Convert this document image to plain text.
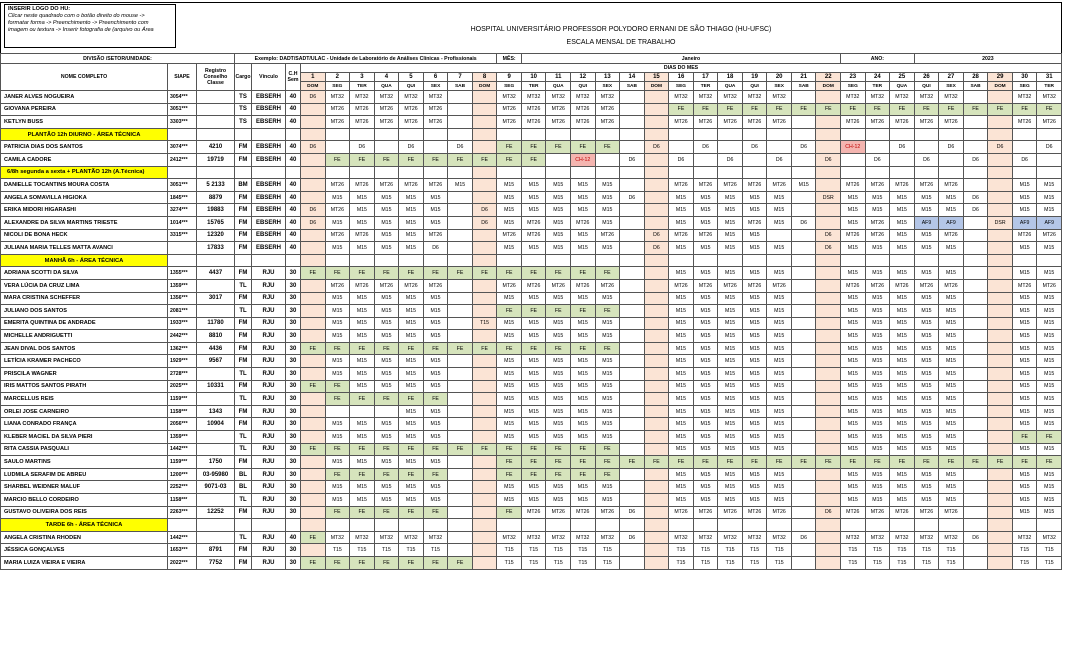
INSERIR LOGO DO HU:
Clicar neste quadrado com o botão direito do mouse ->
formatar forma -> Preenchimento -> Preenchimento com
imagem ou textura -> Inserir fotografia de (arquivo ou Área	HOSPITAL UNIVERSITÁRIO PROFESSOR POLYDORO ERNANI DE SÃO THIAGO (HU-UFSC)
ESCALA MENSAL DE TRABALHO
DIVISÃO /SETOR/UNIDADE:			Exemplo: DADT/SADT/ULAC - Unidade de Laboratório de Análises Clínicas - Profissionais											MÊS:	Janeiro													ANO:			2023					
NOME COMPLETO	SIAPE	Registro Conselho Classe	Cargo	Vínculo	C.H Sem	DIAS DO MES																														
						1	2	3	4	5	6	7	8	9	10	11	12	13	14	15	16	17	18	19	20	21	22	23	24	25	26	27	28	29	30	31
						DOM	SEG	TER	QUA	QUI	SEX	SAB	DOM	SEG	TER	QUA	QUI	SEX	SAB	DOM	SEG	TER	QUA	QUI	SEX	SAB	DOM	SEG	TER	QUA	QUI	SEX	SAB	DOM	SEG	TER
JANER ALVES NOGUEIRA	3054***		TS	EBSERH	40	D6	MT32	MT32	MT32	MT32	MT32			MT32	MT32	MT32	MT32	MT32			MT32	MT32	MT32	MT32	MT32			MT32	MT32	MT32	MT32	MT32			MT32	MT32
GIOVANA PEREIRA	3051***		TS	EBSERH	40		MT26	MT26	MT26	MT26	MT26			MT26	MT26	MT26	MT26	MT26			FE	FE	FE	FE	FE	FE	FE	FE	FE	FE	FE	FE	FE	FE	FE	FE
KETLYN BUSS	3303***		TS	EBSERH	40		MT26	MT26	MT26	MT26	MT26			MT26	MT26	MT26	MT26	MT26			MT26	MT26	MT26	MT26	MT26			MT26	MT26	MT26	MT26	MT26			MT26	MT26
PLANTÃO 12h DIURNO - ÁREA TÉCNICA																																				
PATRICIA DIAS DOS SANTOS	3074***	4210	FM	EBSERH	40	D6		D6		D6		D6		FE	FE	FE	FE	FE		D6		D6		D6		D6		CH-12		D6		D6		D6		D6
CAMILA CADORE	2412***	19719	FM	EBSERH	40		FE	FE	FE	FE	FE	FE	FE	FE	FE		CH-12		D6		D6		D6		D6		D6		D6		D6		D6		D6	
6/8h segunda a sexta + PLANTÃO 12h (A.Técnica)																																				
DANIELLE TOCANTINS MOURA COSTA	3051***	5 2133	BM	EBSERH	40		MT26	MT26	MT26	MT26	MT26	M15		M15	M15	M15	M15	M15			MT26	MT26	MT26	MT26	MT26	M15		MT26	MT26	MT26	MT26	MT26			M15	M15
ANGELA SOMAVILLA HIGIOKA	1845***	8879	FM	EBSERH	40		M15	M15	M15	M15	M15			M15	M15	M15	M15	M15	D6		M15	M15	M15	M15	M15		DSR	M15	M15	M15	M15	M15	D6		M15	M15
ERIKA MIDORI HIGARASHI	3274***	19883	FM	EBSERH	40	D6	MT26	M15	M15	M15	M15		D6	M15	M15	M15	M15	M15			M15	M15	M15	M15	M15			M15	M15	M15	M15	M15	D6		M15	M15
ALEXANDRE DA SILVA MARTINS TRIESTE	1014***	15765	FM	EBSERH	40	D6	M15	M15	M15	M15	M15		D6	M15	MT26	M15	MT26	M15			M15	M15	M15	MT26	M15	D6		M15	MT26	M15	AF9	AF9		DSR	AF9	AF9
NICOLI DE BONA HECK	3315***	12320	FM	EBSERH	40		MT26	MT26	M15	M15	MT26			MT26	MT26	M15	M15	MT26		D6	MT26	MT26	M15	M15			D6	MT26	MT26	M15	M15	MT26			MT26	MT26
JULIANA MARIA TELLES MATTA AVANCI		17833	FM	EBSERH	40		M15	M15	M15	M15	D6			M15	M15	M15	M15	M15		D6	M15	M15	M15	M15	M15		D6	M15	M15	M15	M15	M15			M15	M15
MANHÃ 6h - ÁREA TÉCNICA																																				
ADRIANA SCOTTI DA SILVA	1355***	4437	FM	RJU	30	FE	FE	FE	FE	FE	FE	FE	FE	FE	FE	FE	FE	FE			M15	M15	M15	M15	M15			M15	M15	M15	M15	M15			M15	M15
VERA LÚCIA DA CRUZ LIMA	1359***		TL	RJU	30		MT26	MT26	MT26	MT26	MT26			MT26	MT26	MT26	MT26	MT26			MT26	MT26	MT26	MT26	MT26			MT26	MT26	MT26	MT26	MT26			MT26	MT26
MARA CRISTINA SCHEFFER	1356***	3017	FM	RJU	30		M15	M15	M15	M15	M15			M15	M15	M15	M15	M15			M15	M15	M15	M15	M15			M15	M15	M15	M15	M15			M15	M15
JULIANO DOS SANTOS	2081***		TL	RJU	30		M15	M15	M15	M15	M15			FE	FE	FE	FE	FE			M15	M15	M15	M15	M15			M15	M15	M15	M15	M15			M15	M15
EMERITA QUINTINA DE ANDRADE	1933***	11780	FM	RJU	30		M15	M15	M15	M15	M15		T15	M15	M15	M15	M15	M15			M15	M15	M15	M15	M15			M15	M15	M15	M15	M15			M15	M15
MICHELLE ANDRIGUETTI	2442***	8810	FM	RJU	30		M15	M15	M15	M15	M15			M15	M15	M15	M15	M15			M15	M15	M15	M15	M15			M15	M15	M15	M15	M15			M15	M15
JEAN DIVAL DOS SANTOS	1362***	4436	FM	RJU	30	FE	FE	FE	FE	FE	FE	FE	FE	FE	FE	FE	FE	FE			M15	M15	M15	M15	M15			M15	M15	M15	M15	M15			M15	M15
LETÍCIA KRAMER PACHECO	1929***	9567	FM	RJU	30		M15	M15	M15	M15	M15			M15	M15	M15	M15	M15			M15	M15	M15	M15	M15			M15	M15	M15	M15	M15			M15	M15
PRISCILA WAGNER	2728***		TL	RJU	30		M15	M15	M15	M15	M15			M15	M15	M15	M15	M15			M15	M15	M15	M15	M15			M15	M15	M15	M15	M15			M15	M15
IRIS MATTOS SANTOS PIRATH	2025***	10331	FM	RJU	30	FE	FE	M15	M15	M15	M15			M15	M15	M15	M15	M15			M15	M15	M15	M15	M15			M15	M15	M15	M15	M15			M15	M15
MARCELLUS REIS	1159***		TL	RJU	30		FE	FE	FE	FE	FE			M15	M15	M15	M15	M15			M15	M15	M15	M15	M15			M15	M15	M15	M15	M15			M15	M15
ORLEI JOSE CARNEIRO	1158***	1343	FM	RJU	30					M15	M15			M15	M15	M15	M15	M15			M15	M15	M15	M15	M15			M15	M15	M15	M15	M15			M15	M15
LIANA CONRADO FRANÇA	2056***	10904	FM	RJU	30		M15	M15	M15	M15	M15			M15	M15	M15	M15	M15			M15	M15	M15	M15	M15			M15	M15	M15	M15	M15			M15	M15
KLEBER MACIEL DA SILVA PIERI	1359***		TL	RJU	30		M15	M15	M15	M15	M15			M15	M15	M15	M15	M15			M15	M15	M15	M15	M15			M15	M15	M15	M15	M15			FE	FE
RITA CASSIA PASQUALI	1442***		TL	RJU	30	FE	FE	FE	FE	FE	FE	FE	FE	FE	FE	FE	FE	FE			M15	M15	M15	M15	M15			M15	M15	M15	M15	M15			M15	M15
SAULO MARTINS	1159***	1750	FM	RJU	30		M15	M15	M15	M15	M15			FE	FE	FE	FE	FE	FE	FE	FE	FE	FE	FE	FE	FE	FE	FE	FE	FE	FE	FE	FE	FE	FE	FE
LUDMILA SERAFIM DE ABREU	1200***	03-95980	BL	RJU	30		FE	FE	FE	FE	FE			FE	FE	FE	FE	FE			M15	M15	M15	M15	M15			M15	M15	M15	M15	M15			M15	M15
SHARBEL WEIDNER MALUF	2252***	9071-03	BL	RJU	30		M15	M15	M15	M15	M15			M15	M15	M15	M15	M15			M15	M15	M15	M15	M15			M15	M15	M15	M15	M15			M15	M15
MARCIO BELLO CORDEIRO	1158***		TL	RJU	30		M15	M15	M15	M15	M15			M15	M15	M15	M15	M15			M15	M15	M15	M15	M15			M15	M15	M15	M15	M15			M15	M15
GUSTAVO OLIVEIRA DOS REIS	2263***	12252	FM	RJU	30		FE	FE	FE	FE	FE			FE	MT26	MT26	MT26	MT26	D6		MT26	MT26	MT26	MT26	MT26		D6	MT26	MT26	MT26	MT26	MT26			M15	M15
TARDE 6h - ÁREA TÉCNICA																																				
ANGELA CRISTINA RHODEN	1442***		TL	RJU	40	FE	MT32	MT32	MT32	MT32	MT32			MT32	MT32	MT32	MT32	MT32	D6		MT32	MT32	MT32	MT32	MT32	D6		MT32	MT32	MT32	MT32	MT32	D6		MT32	MT32
JÉSSICA GONÇALVES	1653***	8791	FM	RJU	30		T15	T15	T15	T15	T15			T15	T15	T15	T15	T15			T15	T15	T15	T15	T15			T15	T15	T15	T15	T15			T15	T15
MARIA LUIZA VIEIRA E VIEIRA	2022***	7752	FM	RJU	30	FE	FE	FE	FE	FE	FE	FE		T15	T15	T15	T15	T15			T15	T15	T15	T15	T15			T15	T15	T15	T15	T15			T15	T15
